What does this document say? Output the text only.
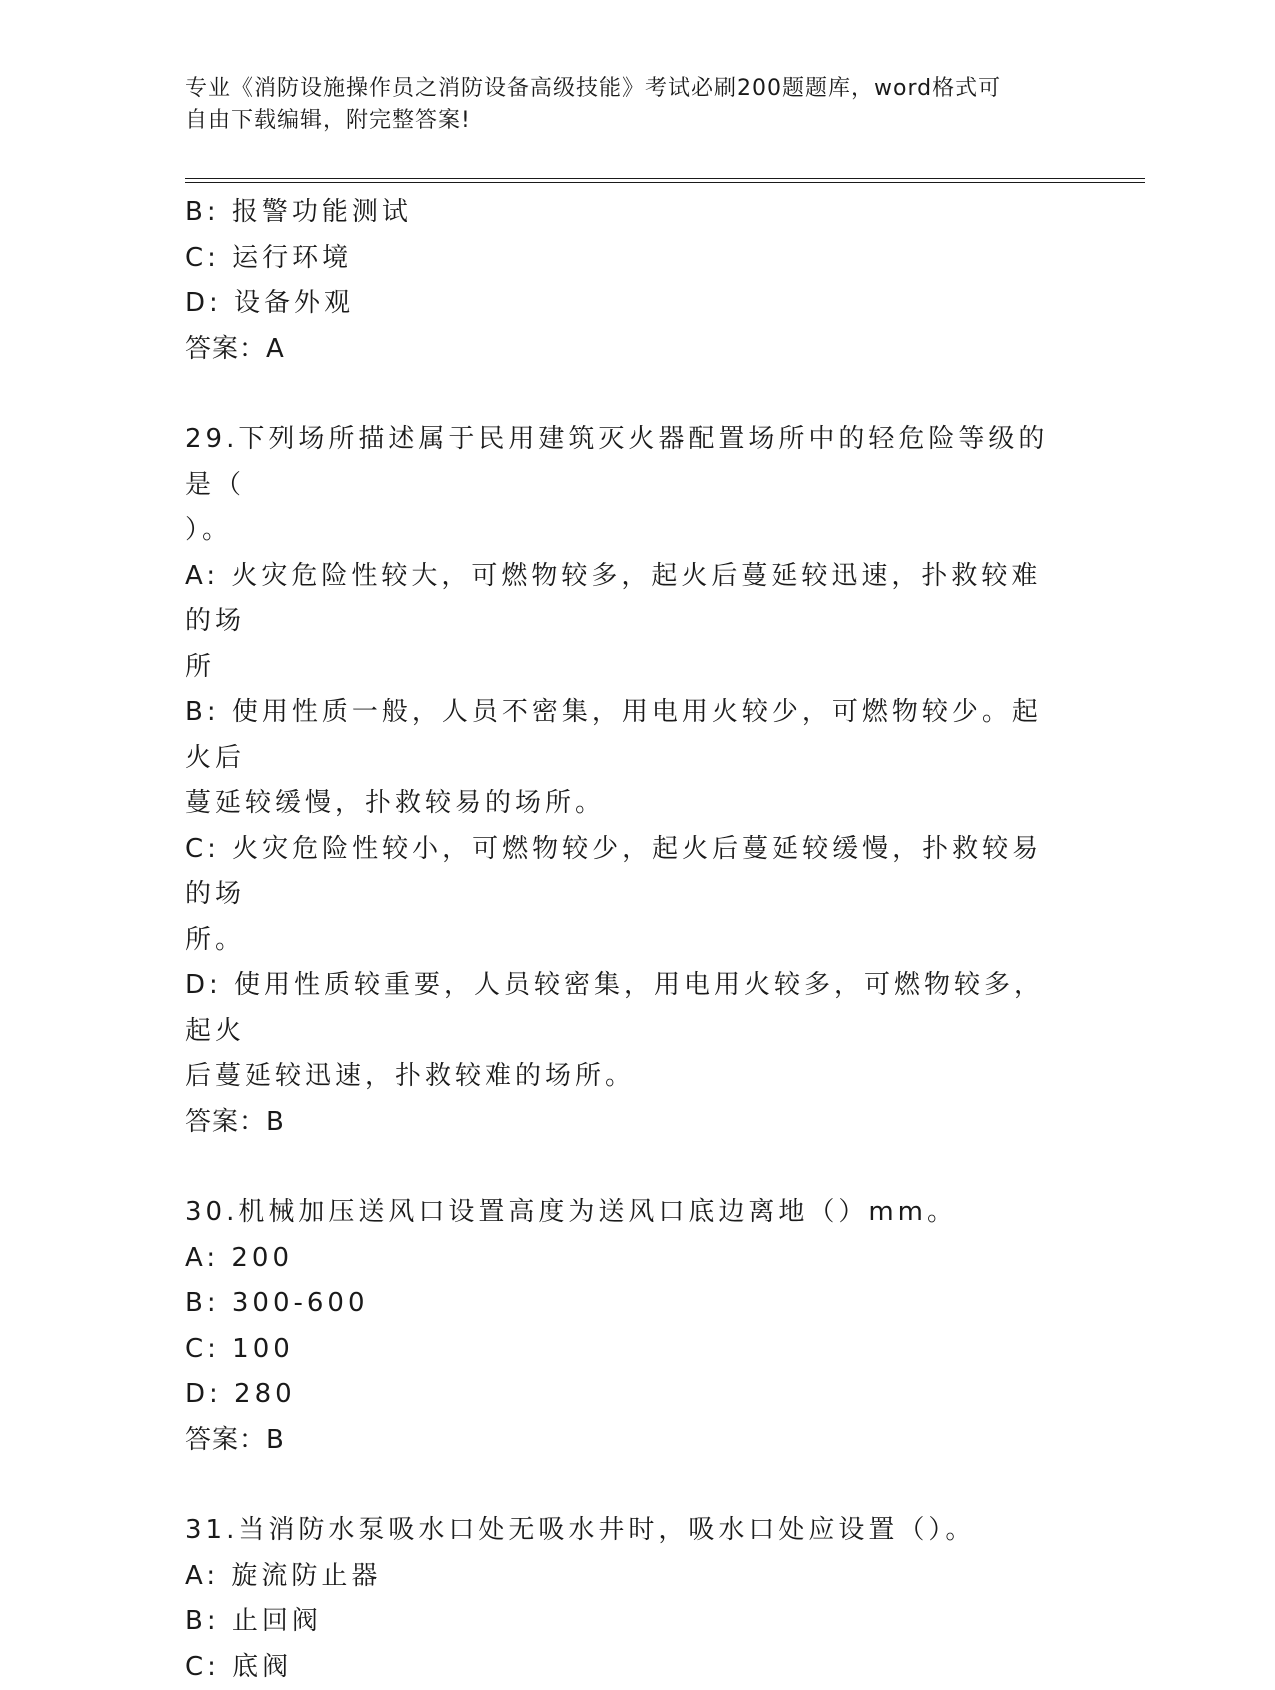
专业《消防设施操作员之消防设备高级技能》考试必刷200题题库，word格式可
自由下载编辑，附完整答案!
B: 报警功能测试
C: 运行环境
D: 设备外观
答案：A
29.下列场所描述属于民用建筑灭火器配置场所中的轻危险等级的是（
）。
A: 火灾危险性较大，可燃物较多，起火后蔓延较迅速，扑救较难的场
所
B: 使用性质一般，人员不密集，用电用火较少，可燃物较少。起火后
蔓延较缓慢，扑救较易的场所。
C: 火灾危险性较小，可燃物较少，起火后蔓延较缓慢，扑救较易的场
所。
D: 使用性质较重要，人员较密集，用电用火较多，可燃物较多，起火
后蔓延较迅速，扑救较难的场所。
答案：B
30.机械加压送风口设置高度为送风口底边离地（）mm。
A: 200
B: 300-600
C: 100
D: 280
答案：B
31.当消防水泵吸水口处无吸水井时，吸水口处应设置（）。
A: 旋流防止器
B: 止回阀
C: 底阀
